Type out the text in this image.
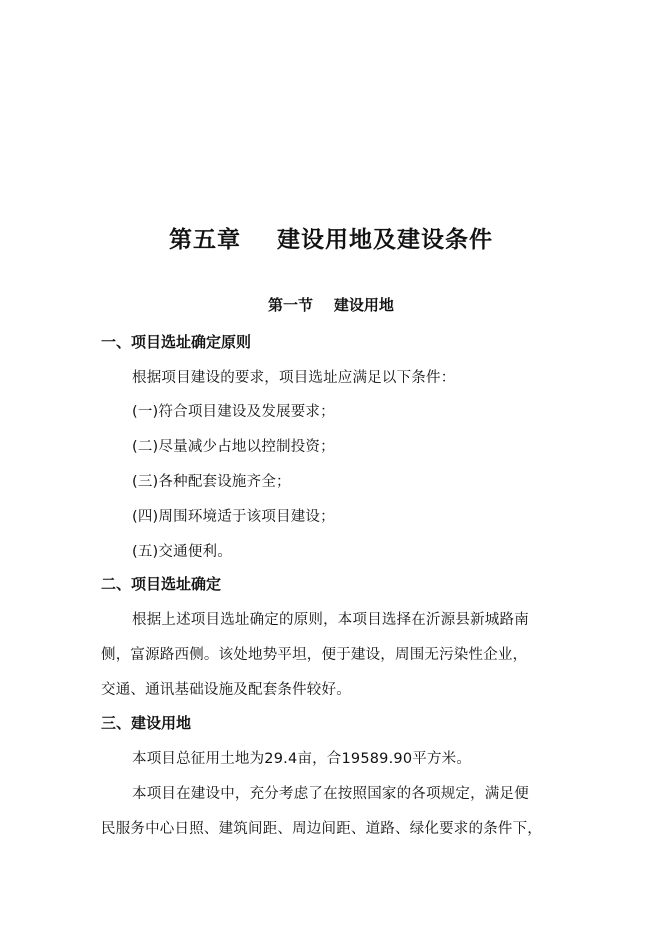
第五章    建设用地及建设条件
第一节    建设用地
一、项目选址确定原则
根据项目建设的要求，项目选址应满足以下条件：
(一)符合项目建设及发展要求；
(二)尽量减少占地以控制投资；
(三)各种配套设施齐全；
(四)周围环境适于该项目建设；
(五)交通便利。
二、项目选址确定
根据上述项目选址确定的原则，本项目选择在沂源县新城路南
侧，富源路西侧。该处地势平坦，便于建设，周围无污染性企业，
交通、通讯基础设施及配套条件较好。
三、建设用地
本项目总征用土地为29.4亩，合19589.90平方米。
本项目在建设中，充分考虑了在按照国家的各项规定，满足便
民服务中心日照、建筑间距、周边间距、道路、绿化要求的条件下，
